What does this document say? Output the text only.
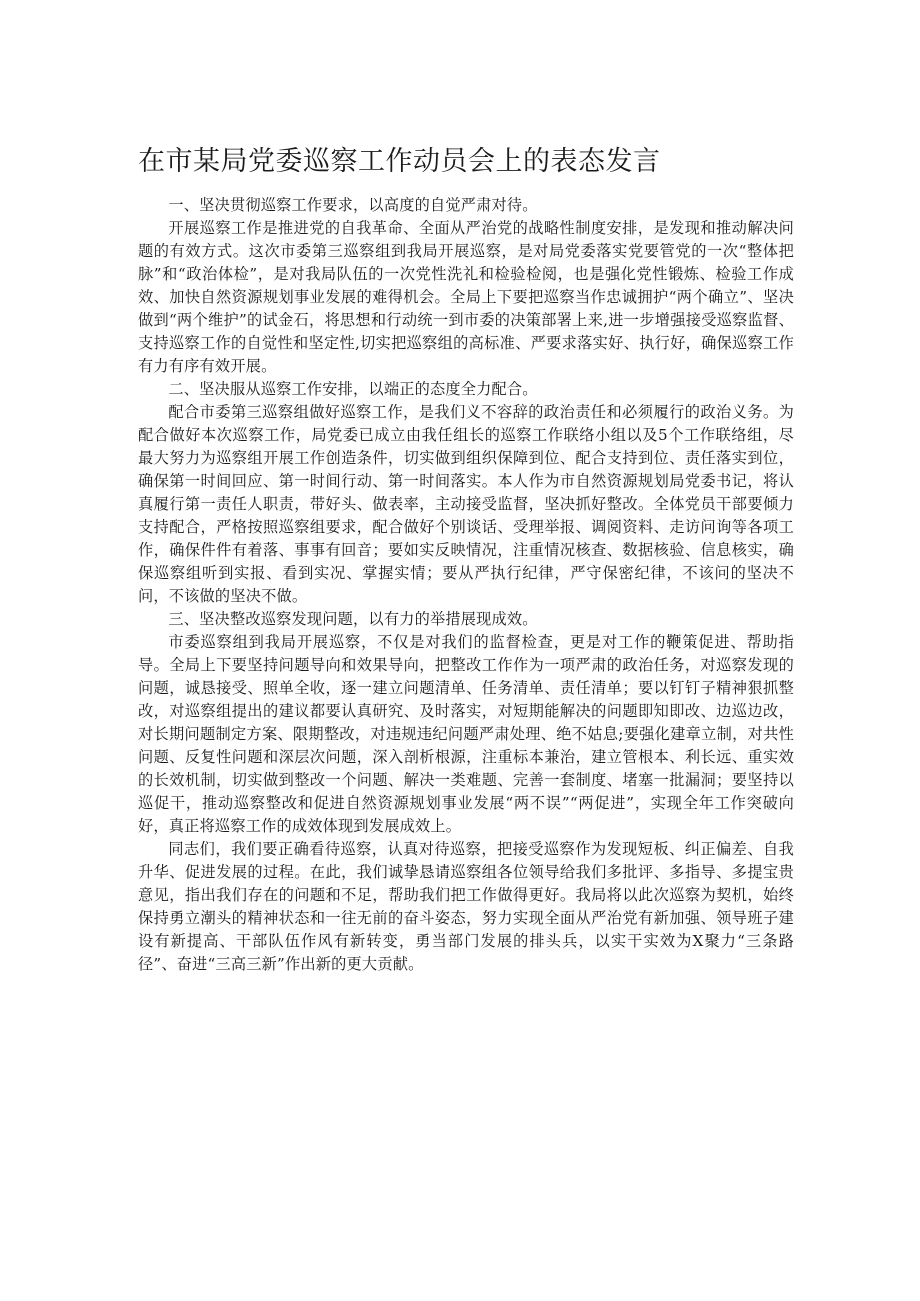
在市某局党委巡察工作动员会上的表态发言

一、坚决贯彻巡察工作要求，以高度的自觉严肃对待。

开展巡察工作是推进党的自我革命、全面从严治党的战略性制度安排，是发现和推动解决问题的有效方式。这次市委第三巡察组到我局开展巡察，是对局党委落实党要管党的一次“整体把脉”和“政治体检”，是对我局队伍的一次党性洗礼和检验检阅，也是强化党性锻炼、检验工作成效、加快自然资源规划事业发展的难得机会。全局上下要把巡察当作忠诚拥护“两个确立”、坚决做到“两个维护”的试金石，将思想和行动统一到市委的决策部署上来,进一步增强接受巡察监督、支持巡察工作的自觉性和坚定性,切实把巡察组的高标准、严要求落实好、执行好，确保巡察工作有力有序有效开展。

二、坚决服从巡察工作安排，以端正的态度全力配合。

配合市委第三巡察组做好巡察工作，是我们义不容辞的政治责任和必须履行的政治义务。为配合做好本次巡察工作，局党委已成立由我任组长的巡察工作联络小组以及5个工作联络组，尽最大努力为巡察组开展工作创造条件，切实做到组织保障到位、配合支持到位、责任落实到位，确保第一时间回应、第一时间行动、第一时间落实。本人作为市自然资源规划局党委书记，将认真履行第一责任人职责，带好头、做表率，主动接受监督，坚决抓好整改。全体党员干部要倾力支持配合，严格按照巡察组要求，配合做好个别谈话、受理举报、调阅资料、走访问询等各项工作，确保件件有着落、事事有回音；要如实反映情况，注重情况核查、数据核验、信息核实，确保巡察组听到实报、看到实况、掌握实情；要从严执行纪律，严守保密纪律，不该问的坚决不问，不该做的坚决不做。

三、坚决整改巡察发现问题，以有力的举措展现成效。

市委巡察组到我局开展巡察，不仅是对我们的监督检查，更是对工作的鞭策促进、帮助指导。全局上下要坚持问题导向和效果导向，把整改工作作为一项严肃的政治任务，对巡察发现的问题，诚恳接受、照单全收，逐一建立问题清单、任务清单、责任清单；要以钉钉子精神狠抓整改，对巡察组提出的建议都要认真研究、及时落实，对短期能解决的问题即知即改、边巡边改，对长期问题制定方案、限期整改，对违规违纪问题严肃处理、绝不姑息;要强化建章立制，对共性问题、反复性问题和深层次问题，深入剖析根源，注重标本兼治，建立管根本、利长远、重实效的长效机制，切实做到整改一个问题、解决一类难题、完善一套制度、堵塞一批漏洞；要坚持以巡促干，推动巡察整改和促进自然资源规划事业发展“两不误”“两促进”，实现全年工作突破向好，真正将巡察工作的成效体现到发展成效上。

同志们，我们要正确看待巡察，认真对待巡察，把接受巡察作为发现短板、纠正偏差、自我升华、促进发展的过程。在此，我们诚挚恳请巡察组各位领导给我们多批评、多指导、多提宝贵意见，指出我们存在的问题和不足，帮助我们把工作做得更好。我局将以此次巡察为契机，始终保持勇立潮头的精神状态和一往无前的奋斗姿态，努力实现全面从严治党有新加强、领导班子建设有新提高、干部队伍作风有新转变，勇当部门发展的排头兵，以实干实效为X聚力“三条路径”、奋进“三高三新”作出新的更大贡献。
